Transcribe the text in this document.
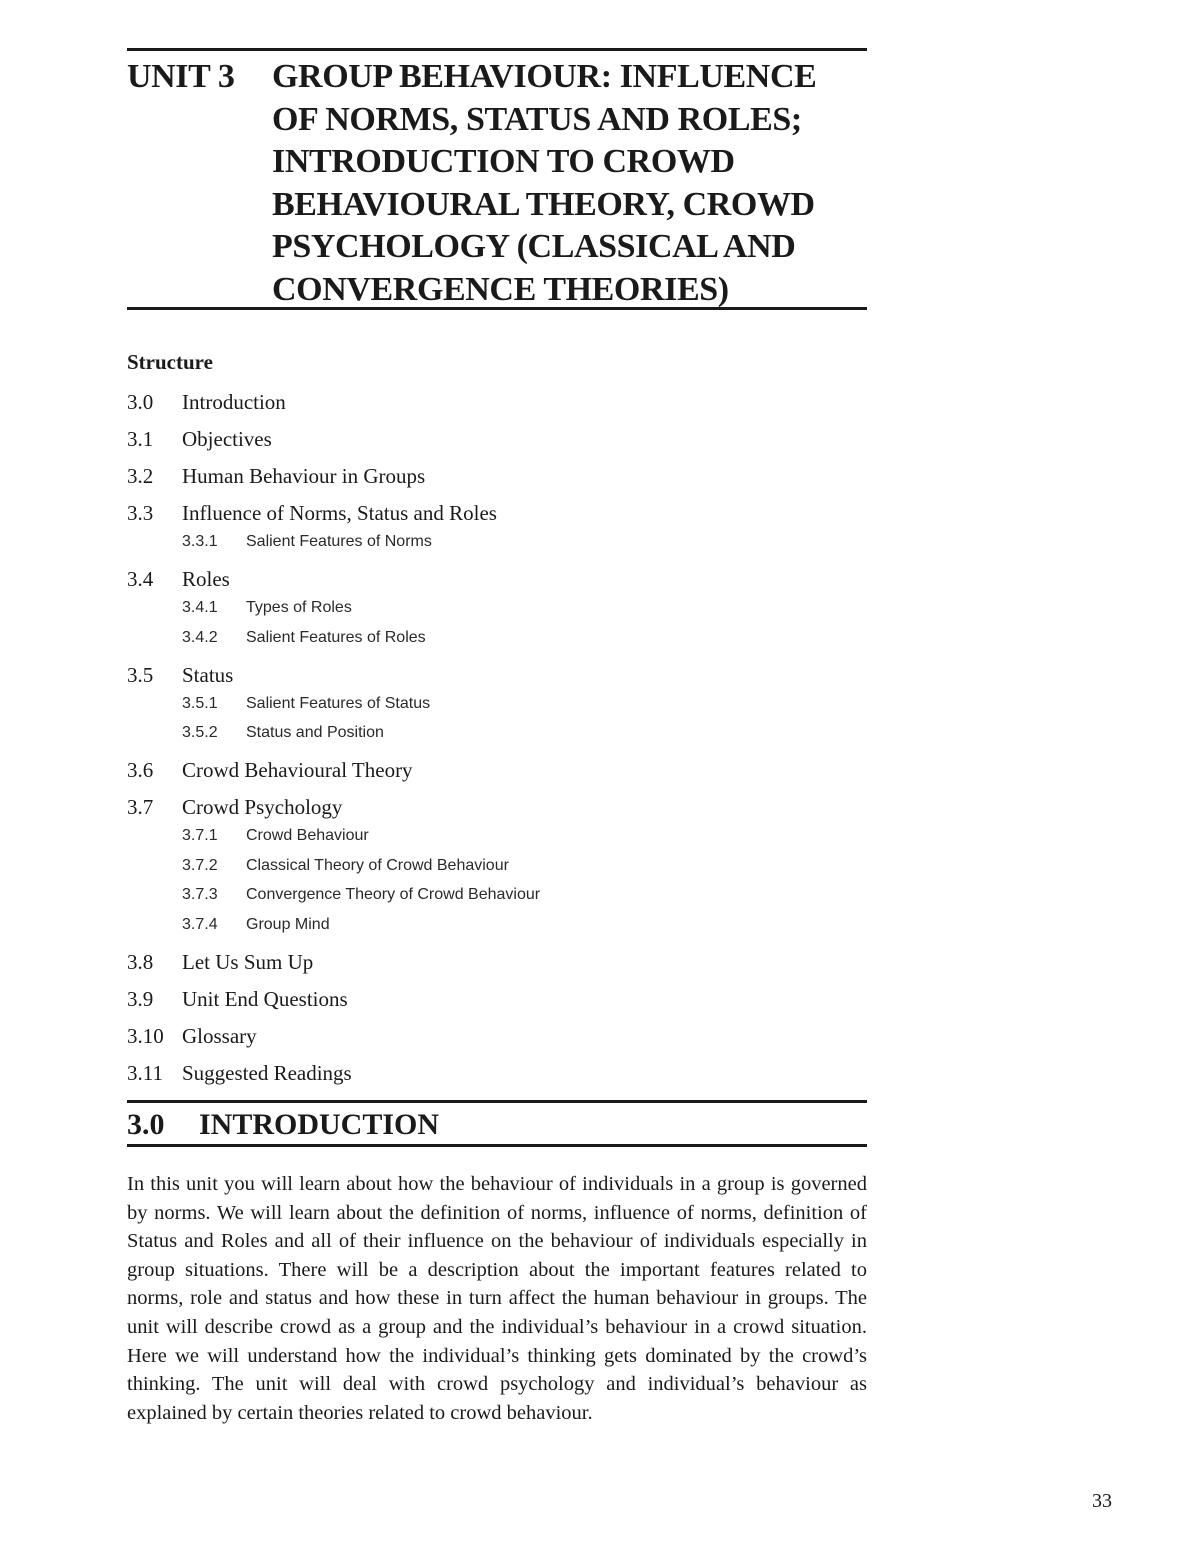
UNIT 3 GROUP BEHAVIOUR: INFLUENCE
OF NORMS, STATUS AND ROLES;
INTRODUCTION TO CROWD
BEHAVIOURAL THEORY, CROWD
PSYCHOLOGY (CLASSICAL AND
CONVERGENCE THEORIES)
Structure
3.0 Introduction
3.1 Objectives
3.2 Human Behaviour in Groups
3.3 Influence of Norms, Status and Roles
3.3.1 Salient Features of Norms
3.4 Roles
3.4.1 Types of Roles
3.4.2 Salient Features of Roles
3.5 Status
3.5.1 Salient Features of Status
3.5.2 Status and Position
3.6 Crowd Behavioural Theory
3.7 Crowd Psychology
3.7.1 Crowd Behaviour
3.7.2 Classical Theory of Crowd Behaviour
3.7.3 Convergence Theory of Crowd Behaviour
3.7.4 Group Mind
3.8 Let Us Sum Up
3.9 Unit End Questions
3.10 Glossary
3.11 Suggested Readings
3.0 INTRODUCTION

In this unit you will learn about how the behaviour of individuals in a group is governed by norms. We will learn about the definition of norms, influence of norms, definition of Status and Roles and all of their influence on the behaviour of individuals especially in group situations. There will be a description about the important features related to norms, role and status and how these in turn affect the human behaviour in groups. The unit will describe crowd as a group and the individual’s behaviour in a crowd situation. Here we will understand how the individual’s thinking gets dominated by the crowd’s thinking. The unit will deal with crowd psychology and individual’s behaviour as explained by certain theories related to crowd behaviour.

33
